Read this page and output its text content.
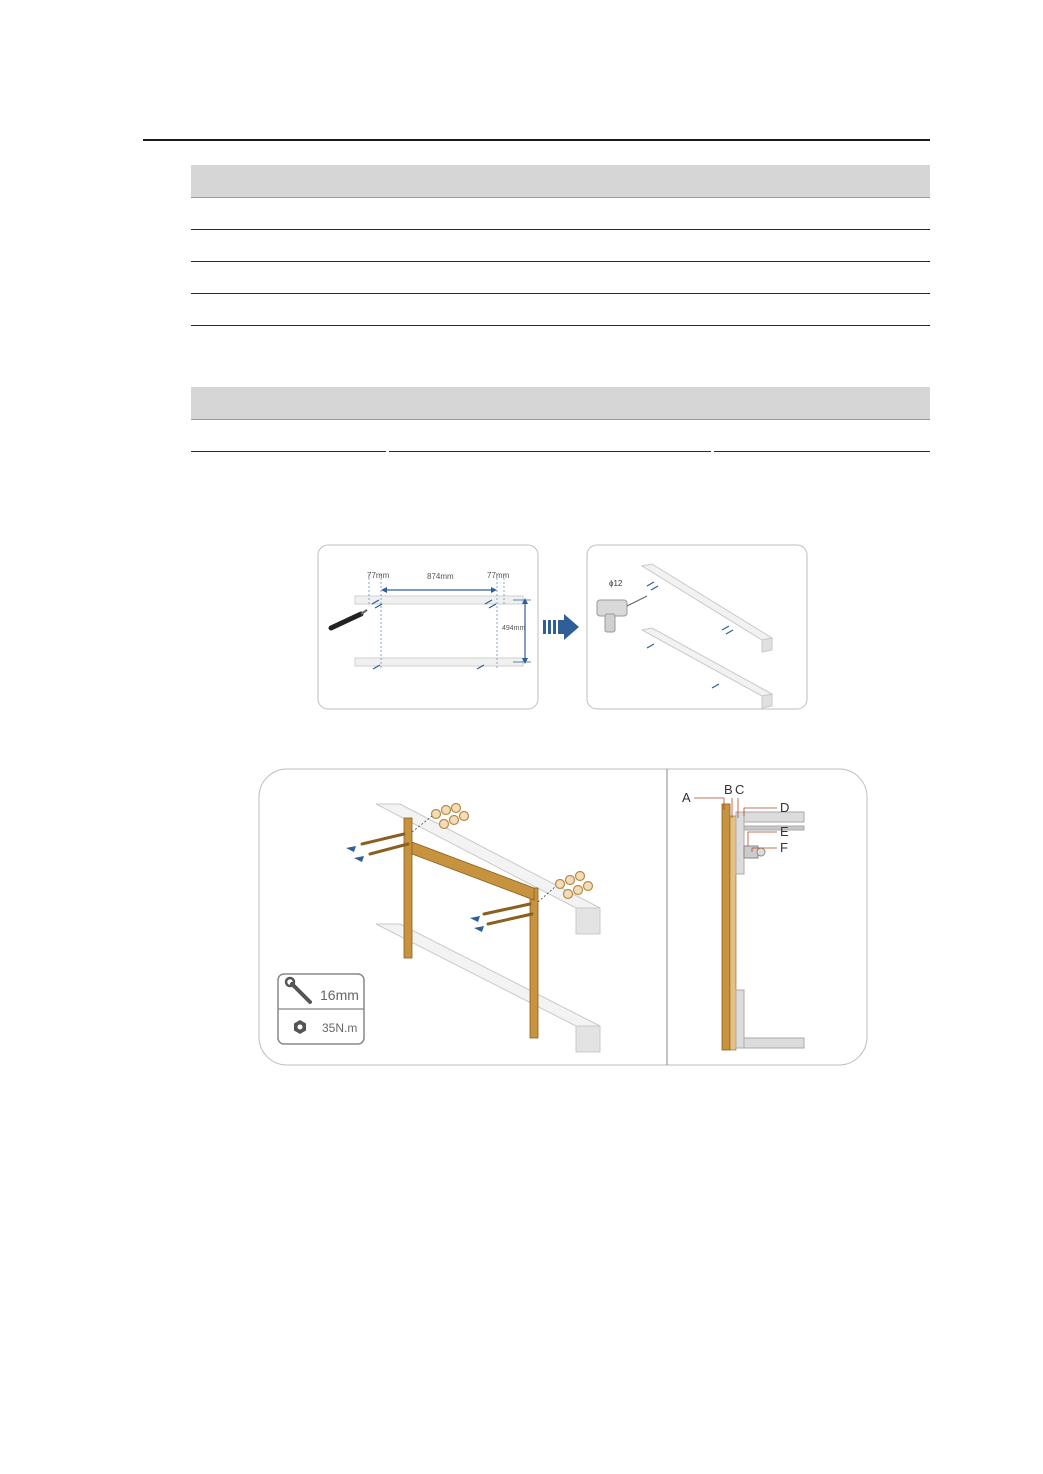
77mm	874mm	77mm
494mm
ϕ12
16mm
35N.m
A
B C
D
E
F
